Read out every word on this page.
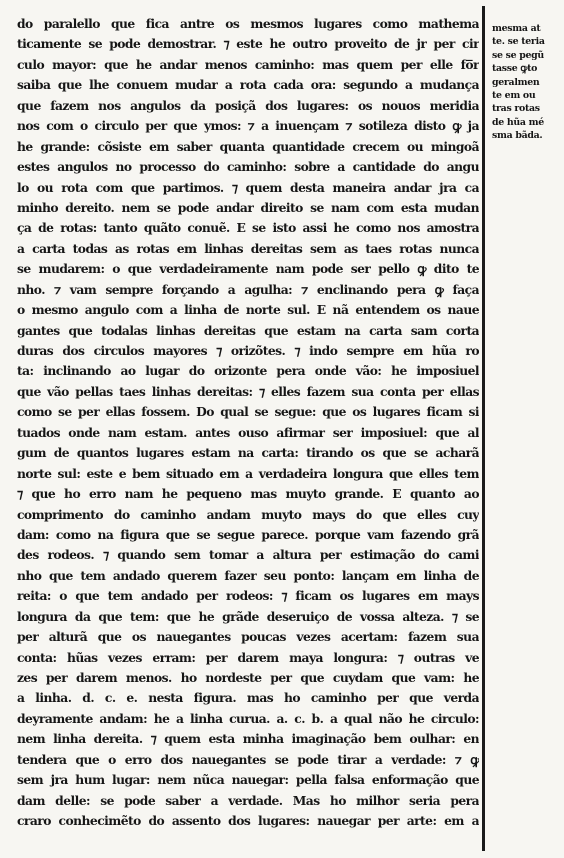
do paralello que fica antre os mesmos lugares como mathema
ticamente se pode demostrar. ⁊ este he outro proveito de jr per cir
culo mayor: que he andar menos caminho: mas quem per elle fo̅r
saiba que lhe conuem mudar a rota cada ora: segundo a mudança
que fazem nos angulos da posiçã dos lugares: os nouos meridia
nos com o circulo per que ymos: ⁊ a inuençam ⁊ sotileza disto ꝙ ja
he grande: cõsiste em saber quanta quantidade crecem ou mingoã
estes angulos no processo do caminho: sobre a cantidade do angu
lo ou rota com que partimos. ⁊ quem desta maneira andar jra ca
minho dereito. nem se pode andar direito se nam com esta mudan
ça de rotas: tanto quãto conuẽ. E se isto assi he como nos amostra
a carta todas as rotas em linhas dereitas sem as taes rotas nunca
se mudarem: o que verdadeiramente nam pode ser pello ꝙ dito te
nho. ⁊ vam sempre forçando a agulha: ⁊ enclinando pera ꝙ faça
o mesmo angulo com a linha de norte sul. E nã entendem os naue
gantes que todalas linhas dereitas que estam na carta sam corta
duras dos circulos mayores ⁊ orizõtes. ⁊ indo sempre em hũa ro
ta: inclinando ao lugar do orizonte pera onde vão: he imposiuel
que vão pellas taes linhas dereitas: ⁊ elles fazem sua conta per ellas
como se per ellas fossem. Do qual se segue: que os lugares ficam si
tuados onde nam estam. antes ouso afirmar ser imposiuel: que al
gum de quantos lugares estam na carta: tirando os que se acharã
norte sul: este e bem situado em a verdadeira longura que elles tem
⁊ que ho erro nam he pequeno mas muyto grande. E quanto ao
comprimento do caminho andam muyto mays do que elles cuy
dam: como na figura que se segue parece. porque vam fazendo grã
des rodeos. ⁊ quando sem tomar a altura per estimação do cami
nho que tem andado querem fazer seu ponto: lançam em linha de
reita: o que tem andado per rodeos: ⁊ ficam os lugares em mays
longura da que tem: que he grãde deseruiço de vossa alteza. ⁊ se
per alturã que os nauegantes poucas vezes acertam: fazem sua
conta: hũas vezes erram: per darem maya longura: ⁊ outras ve
zes per darem menos. ho nordeste per que cuydam que vam: he
a linha. d. c. e. nesta figura. mas ho caminho per que verda
deyramente andam: he a linha curua. a. c. b. a qual não he circulo:
nem linha dereita. ⁊ quem esta minha imaginação bem oulhar: en
tendera que o erro dos nauegantes se pode tirar a verdade: ⁊ ꝙ
sem jra hum lugar: nem nũca nauegar: pella falsa enformação que
dam delle: se pode saber a verdade. Mas ho milhor seria pera
craro conhecimẽto do assento dos lugares: nauegar per arte: em a
mesma at
te. se teria
se se pegũ
tasse ꝙto
geralmen
te em ou
tras rotas
de hũa mé
sma bãda.
